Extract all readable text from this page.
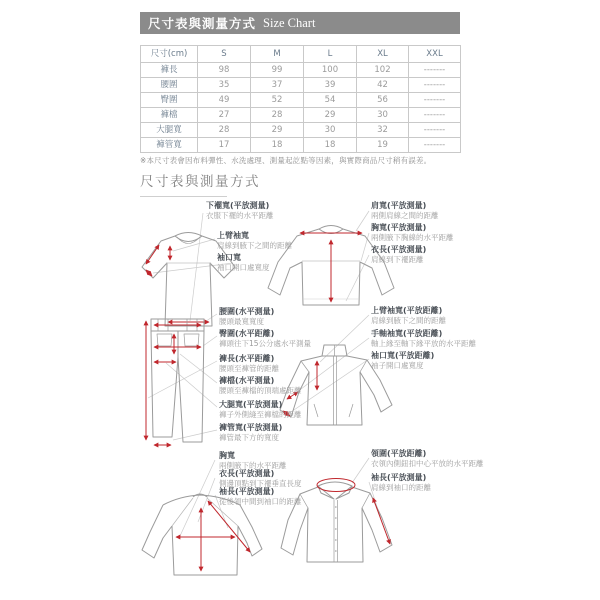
尺寸表與測量方式 Size Chart
尺寸(cm)	S	M	L	XL	XXL
褲長	98	99	100	102	-------
腰圍	35	37	39	42	-------
臀圍	49	52	54	56	-------
褲檔	27	28	29	30	-------
大腿寬	28	29	30	32	-------
褲管寬	17	18	18	19	-------
※本尺寸表會因布料彈性、水洗處理、測量起訖點等因素，與實際商品尺寸稍有誤差。
尺寸表與測量方式
下襬寬(平放測量)
衣服下襬的水平距離
上臂袖寬
肩線到腋下之間的距離
袖口寬
袖口開口處寬度
肩寬(平放測量)
兩側肩線之間的距離
胸寬(平放測量)
兩側腋下胸線的水平距離
衣長(平放測量)
肩線到下襬距離
腰圍(水平測量)
腰頭最寬寬度
臀圍(水平距離)
褲頭往下15公分處水平測量
褲長(水平距離)
腰頭至褲管的距離
褲檔(水平測量)
腰頭至褲檔的頂端處距離
大腿寬(平放測量)
褲子外側縫至褲檔的距離
褲管寬(平放測量)
褲管最下方的寬度
上臂袖寬(平放距離)
肩線到腋下之間的距離
手軸袖寬(平放距離)
軸上緣至軸下緣平放的水平距離
袖口寬(平放距離)
袖子開口處寬度
胸寬
兩側腋下的水平距離
衣長(平放測量)
側邊頂點到下襬垂直長度
袖長(平放測量)
從後領中間到袖口的距離
領圍(平放距離)
衣領內側鈕扣中心平放的水平距離
袖長(平放測量)
肩線到袖口的距離
